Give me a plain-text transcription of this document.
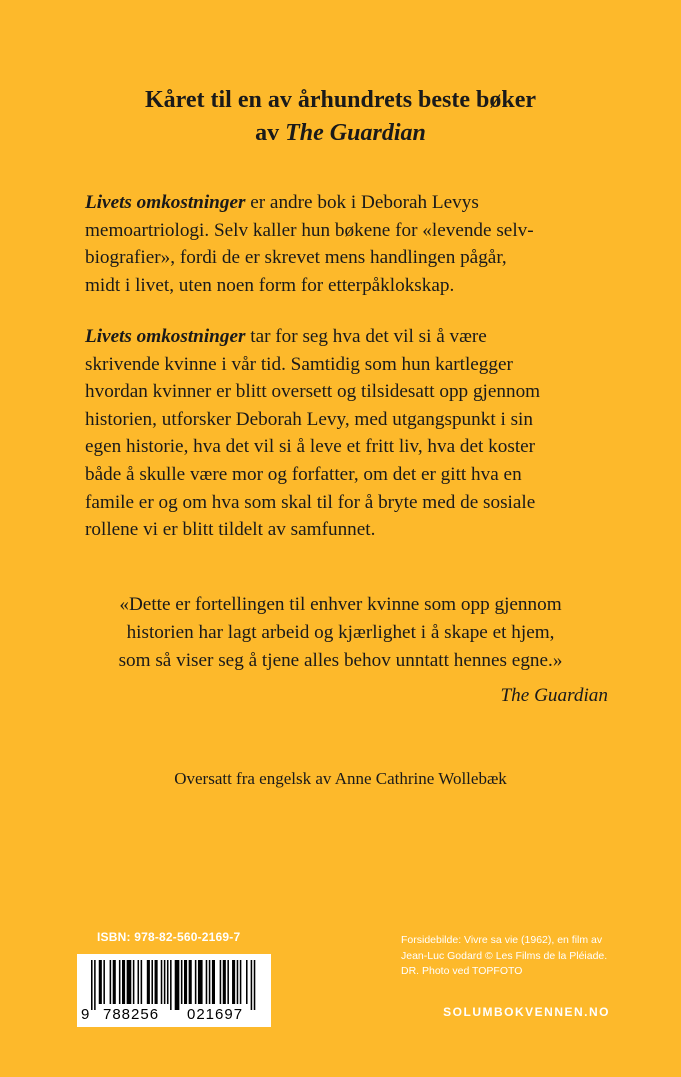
Kåret til en av århundrets beste bøker
av The Guardian
Livets omkostninger er andre bok i Deborah Levys
memoartriologi. Selv kaller hun bøkene for «levende selv-
biografier», fordi de er skrevet mens handlingen pågår,
midt i livet, uten noen form for etterpåklokskap.
Livets omkostninger tar for seg hva det vil si å være
skrivende kvinne i vår tid. Samtidig som hun kartlegger
hvordan kvinner er blitt oversett og tilsidesatt opp gjennom
historien, utforsker Deborah Levy, med utgangspunkt i sin
egen historie, hva det vil si å leve et fritt liv, hva det koster
både å skulle være mor og forfatter, om det er gitt hva en
famile er og om hva som skal til for å bryte med de sosiale
rollene vi er blitt tildelt av samfunnet.
«Dette er fortellingen til enhver kvinne som opp gjennom
historien har lagt arbeid og kjærlighet i å skape et hjem,
som så viser seg å tjene alles behov unntatt hennes egne.»
The Guardian
Oversatt fra engelsk av Anne Cathrine Wollebæk
ISBN: 978-82-560-2169-7
9 788256 021697
Forsidebilde: Vivre sa vie (1962), en film av
Jean-Luc Godard © Les Films de la Pléiade.
DR. Photo ved TOPFOTO
SOLUMBOKVENNEN.NO
